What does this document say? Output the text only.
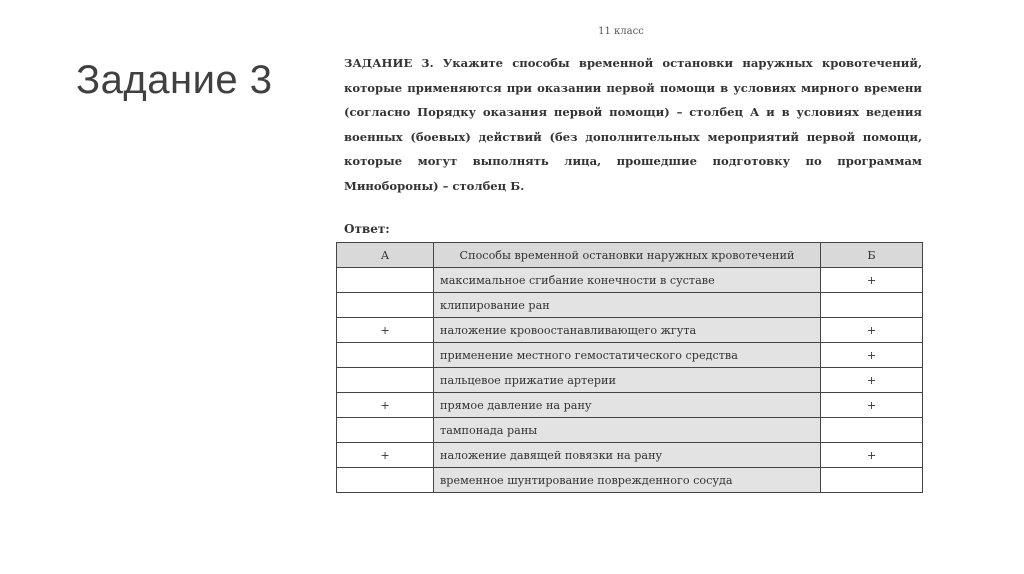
Задание 3
11 класс

ЗАДАНИЕ 3. Укажите способы временной остановки наружных кровотечений, которые применяются при оказании первой помощи в условиях мирного времени (согласно Порядку оказания первой помощи) – столбец А и в условиях ведения военных (боевых) действий (без дополнительных мероприятий первой помощи, которые могут выполнять лица, прошедшие подготовку по программам Минобороны) – столбец Б.

Ответ:
А	Способы временной остановки наружных кровотечений	Б
	максимальное сгибание конечности в суставе	+
	клипирование ран	
+	наложение кровоостанавливающего жгута	+
	применение местного гемостатического средства	+
	пальцевое прижатие артерии	+
+	прямое давление на рану	+
	тампонада раны	
+	наложение давящей повязки на рану	+
	временное шунтирование поврежденного сосуда	
